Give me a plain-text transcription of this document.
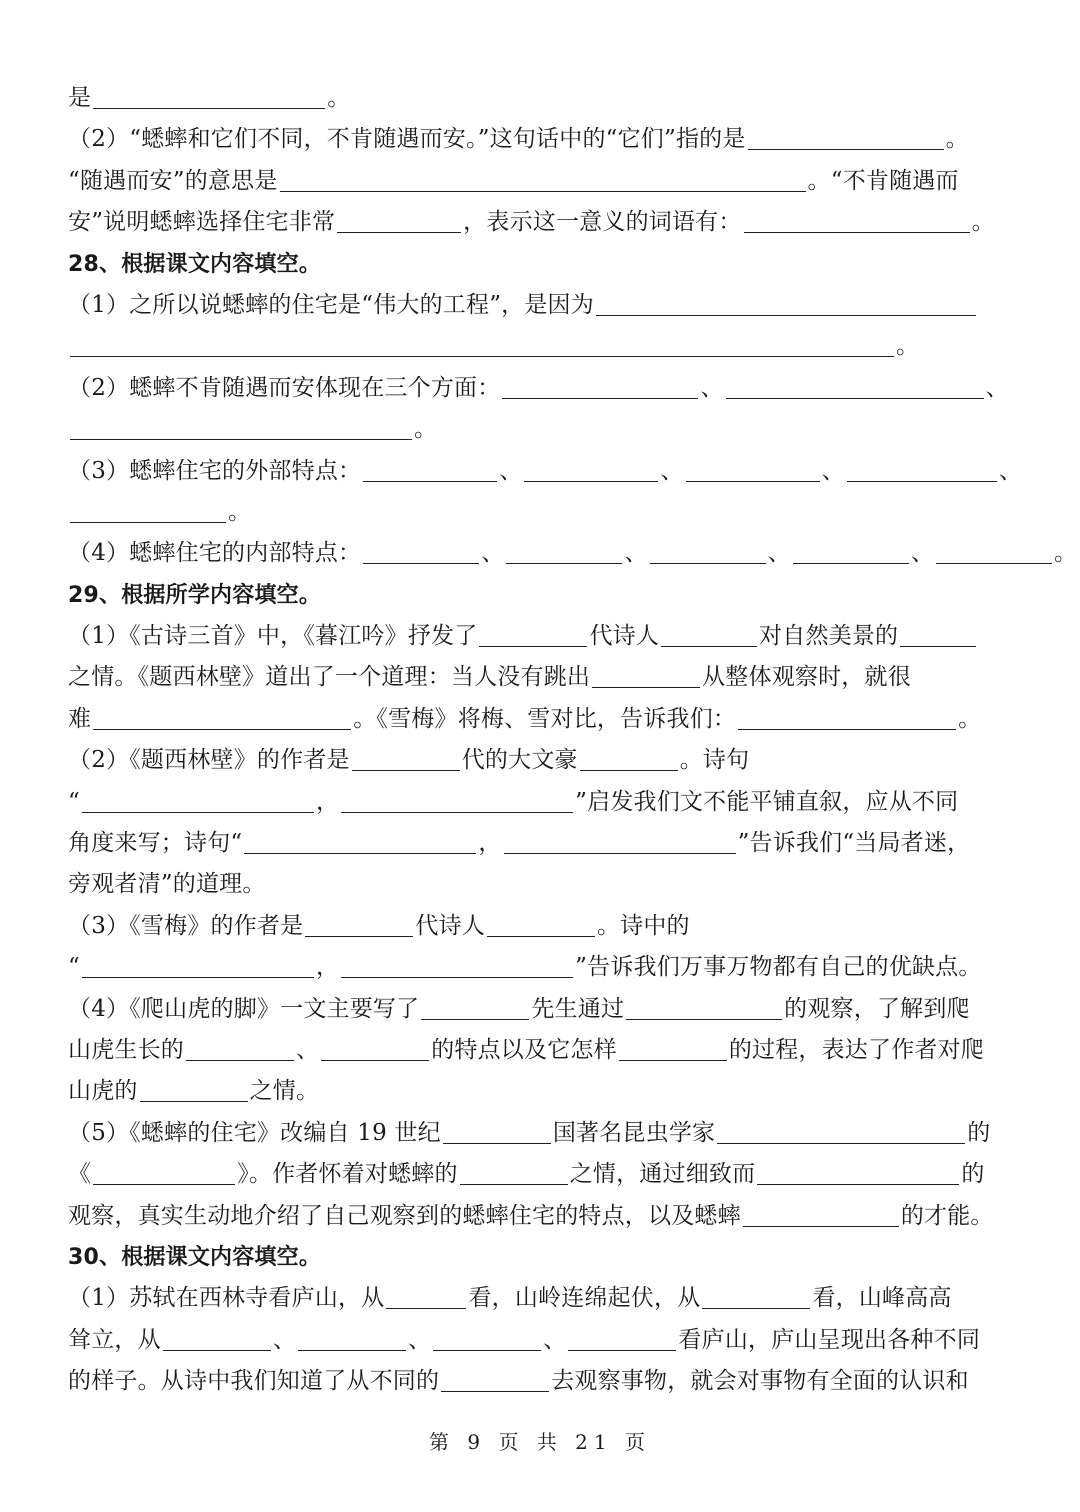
是	。
（2）“蟋蟀和它们不同，不肯随遇而安。”这句话中的“它们”指的是	。
“随遇而安”的意思是	。“不肯随遇而
安”说明蟋蟀选择住宅非常	，表示这一意义的词语有：	。
28、根据课文内容填空。
（1）之所以说蟋蟀的住宅是“伟大的工程”，是因为
。
（2）蟋蟀不肯随遇而安体现在三个方面：	、	、
。
（3）蟋蟀住宅的外部特点：	、	、	、	、
。
（4）蟋蟀住宅的内部特点：	、	、	、	、	。
29、根据所学内容填空。
（1）《古诗三首》中，《暮江吟》抒发了	代诗人	对自然美景的
之情。《题西林壁》道出了一个道理：当人没有跳出	从整体观察时，就很
难	。《雪梅》将梅、雪对比，告诉我们：	。
（2）《题西林壁》的作者是	代的大文豪	。诗句
“	，	”启发我们文不能平铺直叙，应从不同
角度来写；诗句“	，	”告诉我们“当局者迷，
旁观者清”的道理。
（3）《雪梅》的作者是	代诗人	。诗中的
“	，	”告诉我们万事万物都有自己的优缺点。
（4）《爬山虎的脚》一文主要写了	先生通过	的观察，了解到爬
山虎生长的	、	的特点以及它怎样	的过程，表达了作者对爬
山虎的	之情。
（5）《蟋蟀的住宅》改编自 19 世纪	国著名昆虫学家	的
《	》。作者怀着对蟋蟀的	之情，通过细致而	的
观察，真实生动地介绍了自己观察到的蟋蟀住宅的特点，以及蟋蟀	的才能。
30、根据课文内容填空。
（1）苏轼在西林寺看庐山，从	看，山岭连绵起伏，从	看，山峰高高
耸立，从	、	、	、	看庐山，庐山呈现出各种不同
的样子。从诗中我们知道了从不同的	去观察事物，就会对事物有全面的认识和
第 9 页 共 21 页
